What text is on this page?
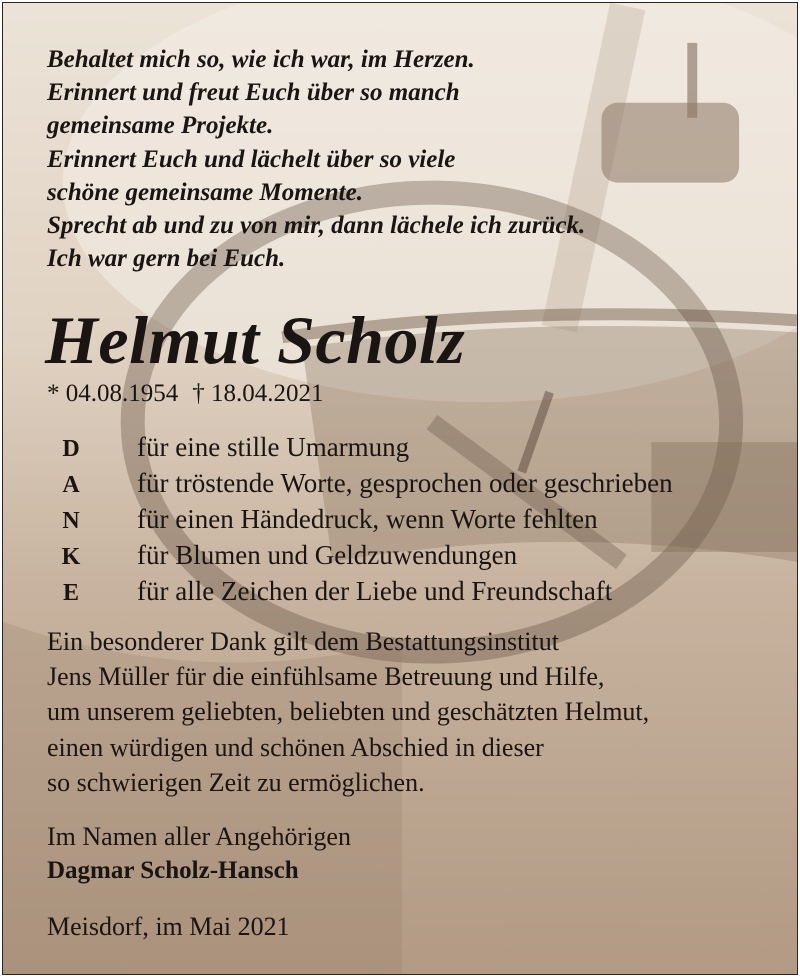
Behaltet mich so, wie ich war, im Herzen.
Erinnert und freut Euch über so manch
gemeinsame Projekte.
Erinnert Euch und lächelt über so viele
schöne gemeinsame Momente.
Sprecht ab und zu von mir, dann lächele ich zurück.
Ich war gern bei Euch.
Helmut Scholz
* 04.08.1954 † 18.04.2021
D für eine stille Umarmung
A für tröstende Worte, gesprochen oder geschrieben
N für einen Händedruck, wenn Worte fehlten
K für Blumen und Geldzuwendungen
E für alle Zeichen der Liebe und Freundschaft
Ein besonderer Dank gilt dem Bestattungsinstitut
Jens Müller für die einfühlsame Betreuung und Hilfe,
um unserem geliebten, beliebten und geschätzten Helmut,
einen würdigen und schönen Abschied in dieser
so schwierigen Zeit zu ermöglichen.
Im Namen aller Angehörigen
Dagmar Scholz-Hansch
Meisdorf, im Mai 2021
